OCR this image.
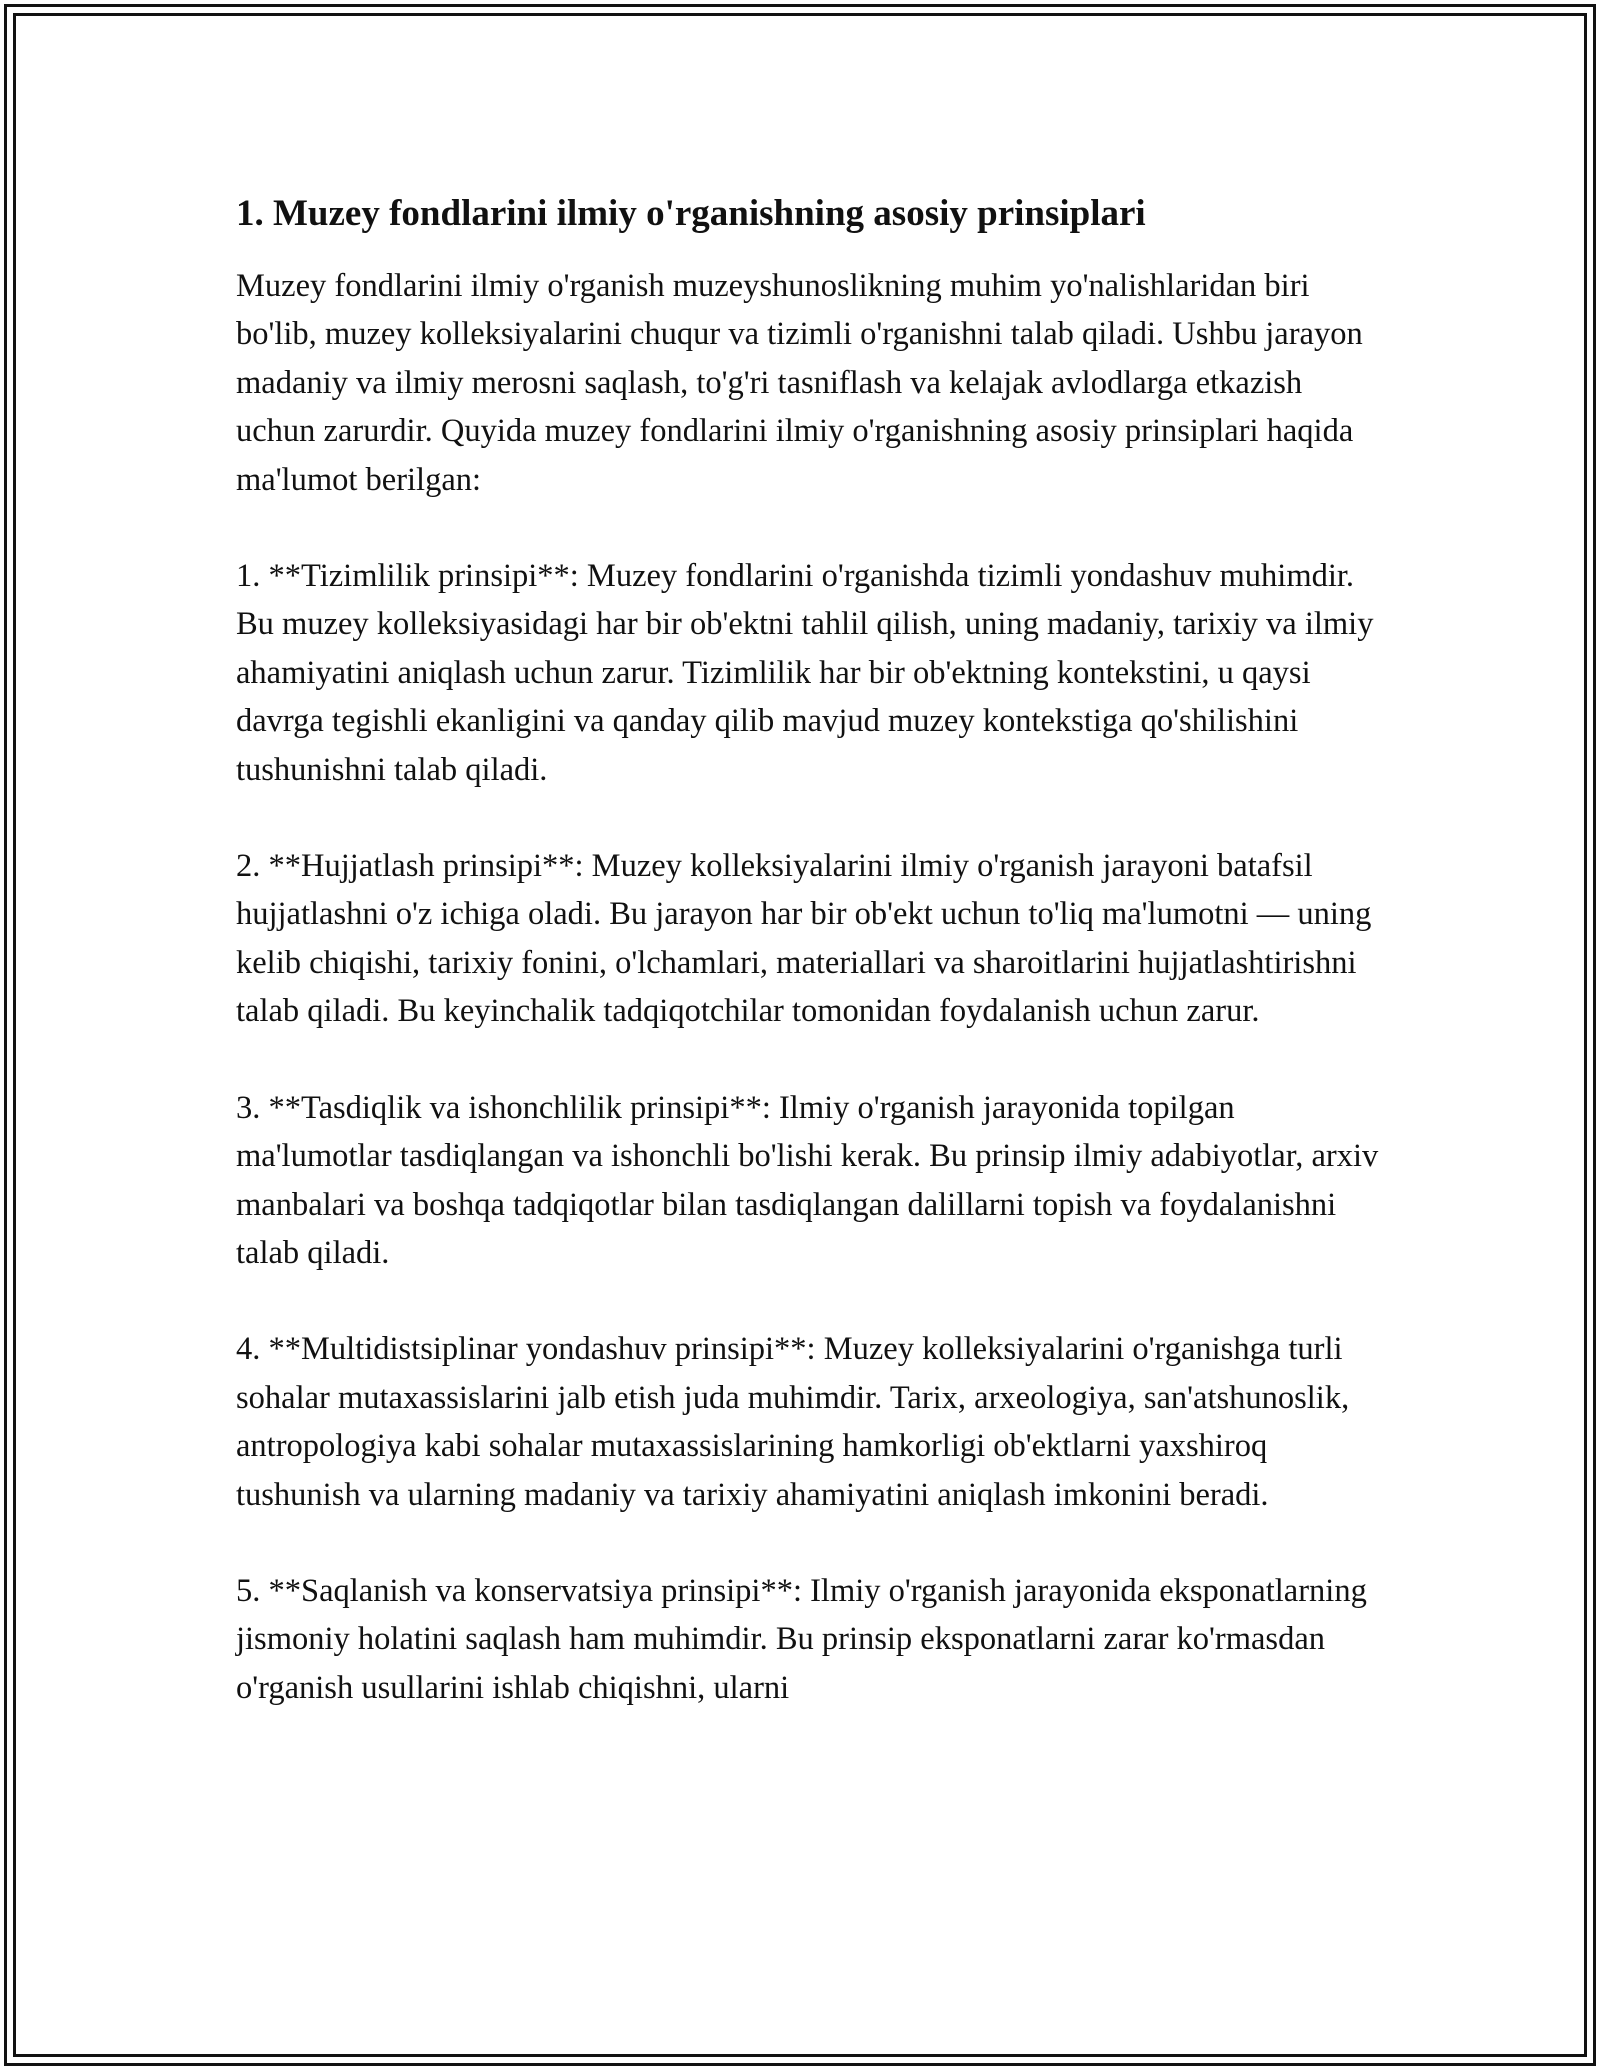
1. Muzey fondlarini ilmiy o'rganishning asosiy prinsiplari

Muzey fondlarini ilmiy o'rganish muzeyshunoslikning muhim yo'nalishlaridan biri bo'lib, muzey kolleksiyalarini chuqur va tizimli o'rganishni talab qiladi. Ushbu jarayon madaniy va ilmiy merosni saqlash, to'g'ri tasniflash va kelajak avlodlarga etkazish uchun zarurdir. Quyida muzey fondlarini ilmiy o'rganishning asosiy prinsiplari haqida ma'lumot berilgan:

1. **Tizimlilik prinsipi**: Muzey fondlarini o'rganishda tizimli yondashuv muhimdir. Bu muzey kolleksiyasidagi har bir ob'ektni tahlil qilish, uning madaniy, tarixiy va ilmiy ahamiyatini aniqlash uchun zarur. Tizimlilik har bir ob'ektning kontekstini, u qaysi davrga tegishli ekanligini va qanday qilib mavjud muzey kontekstiga qo'shilishini tushunishni talab qiladi.

2. **Hujjatlash prinsipi**: Muzey kolleksiyalarini ilmiy o'rganish jarayoni batafsil hujjatlashni o'z ichiga oladi. Bu jarayon har bir ob'ekt uchun to'liq ma'lumotni — uning kelib chiqishi, tarixiy fonini, o'lchamlari, materiallari va sharoitlarini hujjatlashtirishni talab qiladi. Bu keyinchalik tadqiqotchilar tomonidan foydalanish uchun zarur.

3. **Tasdiqlik va ishonchlilik prinsipi**: Ilmiy o'rganish jarayonida topilgan ma'lumotlar tasdiqlangan va ishonchli bo'lishi kerak. Bu prinsip ilmiy adabiyotlar, arxiv manbalari va boshqa tadqiqotlar bilan tasdiqlangan dalillarni topish va foydalanishni talab qiladi.

4. **Multidistsiplinar yondashuv prinsipi**: Muzey kolleksiyalarini o'rganishga turli sohalar mutaxassislarini jalb etish juda muhimdir. Tarix, arxeologiya, san'atshunoslik, antropologiya kabi sohalar mutaxassislarining hamkorligi ob'ektlarni yaxshiroq tushunish va ularning madaniy va tarixiy ahamiyatini aniqlash imkonini beradi.

5. **Saqlanish va konservatsiya prinsipi**: Ilmiy o'rganish jarayonida eksponatlarning jismoniy holatini saqlash ham muhimdir. Bu prinsip eksponatlarni zarar ko'rmasdan o'rganish usullarini ishlab chiqishni, ularni
